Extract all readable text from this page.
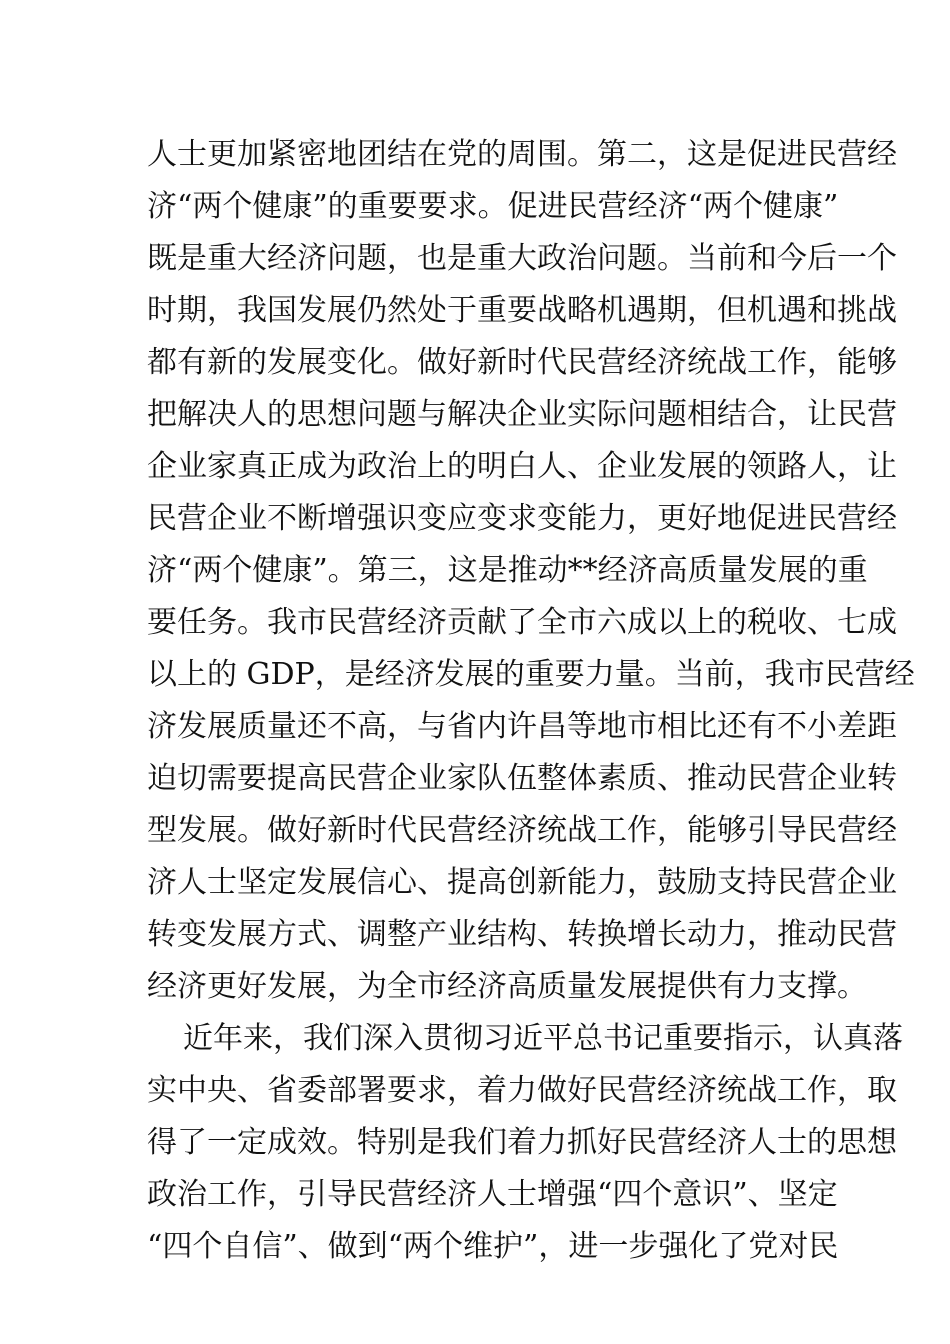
人士更加紧密地团结在党的周围。第二，这是促进民营经
济“两个健康”的重要要求。促进民营经济“两个健康”
既是重大经济问题，也是重大政治问题。当前和今后一个
时期，我国发展仍然处于重要战略机遇期，但机遇和挑战
都有新的发展变化。做好新时代民营经济统战工作，能够
把解决人的思想问题与解决企业实际问题相结合，让民营
企业家真正成为政治上的明白人、企业发展的领路人，让
民营企业不断增强识变应变求变能力，更好地促进民营经
济“两个健康”。第三，这是推动**经济高质量发展的重
要任务。我市民营经济贡献了全市六成以上的税收、七成
以上的 GDP，是经济发展的重要力量。当前，我市民营经
济发展质量还不高，与省内许昌等地市相比还有不小差距
迫切需要提高民营企业家队伍整体素质、推动民营企业转
型发展。做好新时代民营经济统战工作，能够引导民营经
济人士坚定发展信心、提高创新能力，鼓励支持民营企业
转变发展方式、调整产业结构、转换增长动力，推动民营
经济更好发展，为全市经济高质量发展提供有力支撑。
近年来，我们深入贯彻习近平总书记重要指示，认真落
实中央、省委部署要求，着力做好民营经济统战工作，取
得了一定成效。特别是我们着力抓好民营经济人士的思想
政治工作，引导民营经济人士增强“四个意识”、坚定
“四个自信”、做到“两个维护”，进一步强化了党对民
